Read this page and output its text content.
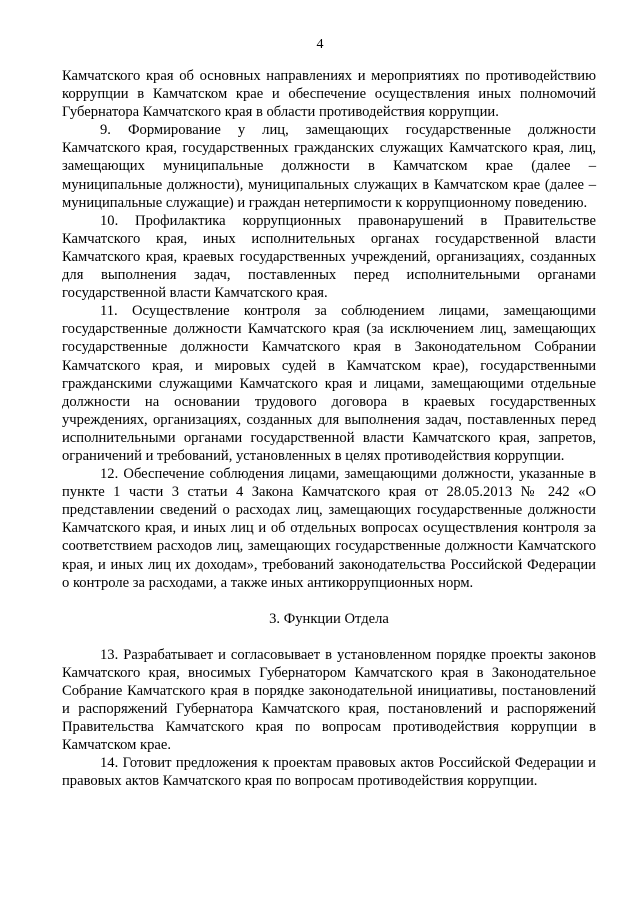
4

Камчатского края об основных направлениях и мероприятиях по противодействию коррупции в Камчатском крае и обеспечение осуществления иных полномочий Губернатора Камчатского края в области противодействия коррупции.

9. Формирование у лиц, замещающих государственные должности Камчатского края, государственных гражданских служащих Камчатского края, лиц, замещающих муниципальные должности в Камчатском крае (далее – муниципальные должности), муниципальных служащих в Камчатском крае (далее – муниципальные служащие) и граждан нетерпимости к коррупционному поведению.

10. Профилактика коррупционных правонарушений в Правительстве Камчатского края, иных исполнительных органах государственной власти Камчатского края, краевых государственных учреждений, организациях, созданных для выполнения задач, поставленных перед исполнительными органами государственной власти Камчатского края.

11. Осуществление контроля за соблюдением лицами, замещающими государственные должности Камчатского края (за исключением лиц, замещающих государственные должности Камчатского края в Законодательном Собрании Камчатского края, и мировых судей в Камчатском крае), государственными гражданскими служащими Камчатского края и лицами, замещающими отдельные должности на основании трудового договора в краевых государственных учреждениях, организациях, созданных для выполнения задач, поставленных перед исполнительными органами государственной власти Камчатского края, запретов, ограничений и требований, установленных в целях противодействия коррупции.

12. Обеспечение соблюдения лицами, замещающими должности, указанные в пункте 1 части 3 статьи 4 Закона Камчатского края от 28.05.2013 № 242 «О представлении сведений о расходах лиц, замещающих государственные должности Камчатского края, и иных лиц и об отдельных вопросах осуществления контроля за соответствием расходов лиц, замещающих государственные должности Камчатского края, и иных лиц их доходам», требований законодательства Российской Федерации о контроле за расходами, а также иных антикоррупционных норм.

3. Функции Отдела

13. Разрабатывает и согласовывает в установленном порядке проекты законов Камчатского края, вносимых Губернатором Камчатского края в Законодательное Собрание Камчатского края в порядке законодательной инициативы, постановлений и распоряжений Губернатора Камчатского края, постановлений и распоряжений Правительства Камчатского края по вопросам противодействия коррупции в Камчатском крае.

14. Готовит предложения к проектам правовых актов Российской Федерации и правовых актов Камчатского края по вопросам противодействия коррупции.
